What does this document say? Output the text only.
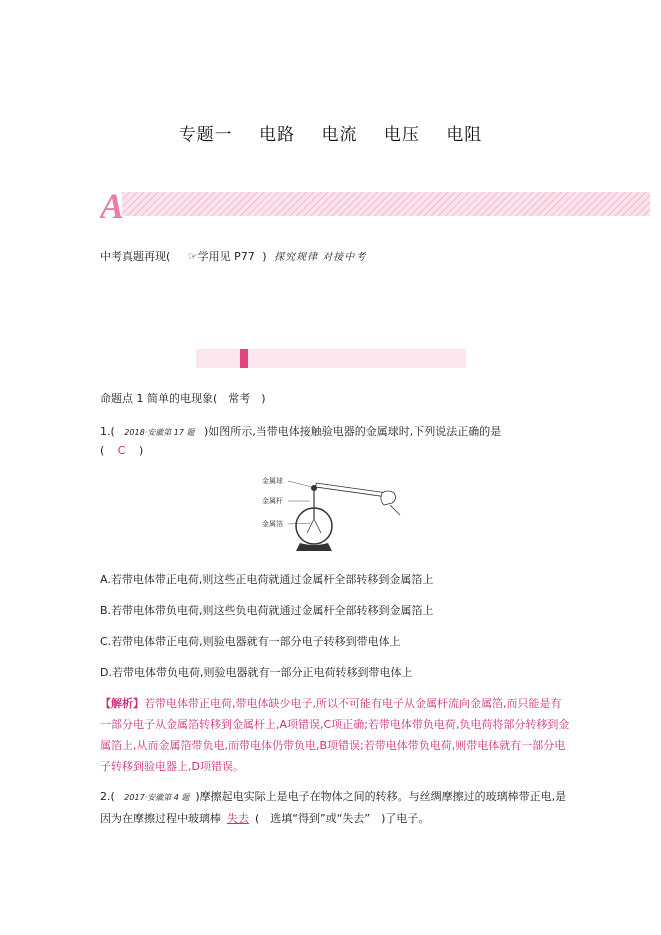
专题一 电路 电流 电压 电阻
A
中考真题再现( ☞学用见 P77 ) 探究规律 对接中考
命题点 1 简单的电现象(　常考　)
1.( 2018·安徽第 17 题 )如图所示,当带电体接触验电器的金属球时,下列说法正确的是
( C )
金属球
金属杆
金属箔
A.若带电体带正电荷,则这些正电荷就通过金属杆全部转移到金属箔上
B.若带电体带负电荷,则这些负电荷就通过金属杆全部转移到金属箔上
C.若带电体带正电荷,则验电器就有一部分电子转移到带电体上
D.若带电体带负电荷,则验电器就有一部分正电荷转移到带电体上
【解析】若带电体带正电荷,带电体缺少电子,所以不可能有电子从金属杆流向金属箔,而只能是有一部分电子从金属箔转移到金属杆上,A项错误,C项正确;若带电体带负电荷,负电荷将部分转移到金属箔上,从而金属箔带负电,而带电体仍带负电,B项错误;若带电体带负电荷,则带电体就有一部分电子转移到验电器上,D项错误。
2.( 2017·安徽第 4 题 )摩擦起电实际上是电子在物体之间的转移。与丝绸摩擦过的玻璃棒带正电,是因为在摩擦过程中玻璃棒 失去 (　选填“得到”或“失去”　)了电子。
